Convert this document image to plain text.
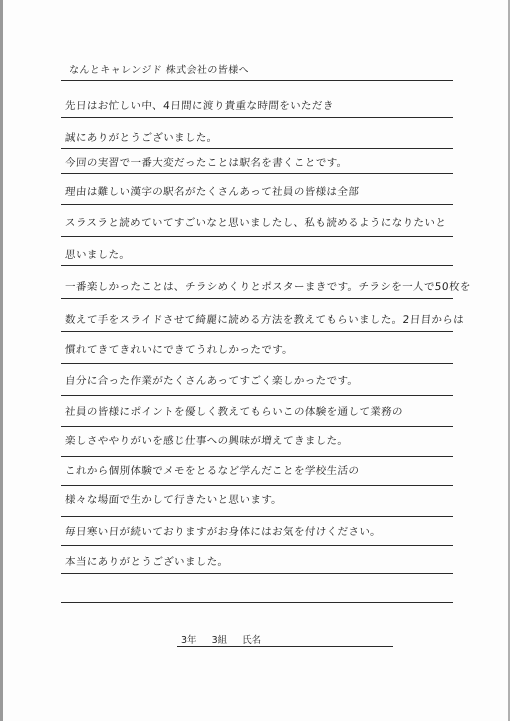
なんとキャレンジド 株式会社の皆様へ
先日はお忙しい中、4日間に渡り貴重な時間をいただき
誠にありがとうございました。
今回の実習で一番大変だったことは駅名を書くことです。
理由は難しい漢字の駅名がたくさんあって社員の皆様は全部
スラスラと読めていてすごいなと思いましたし、私も読めるようになりたいと
思いました。
一番楽しかったことは、チラシめくりとポスターまきです。チラシを一人で50枚を
数えて手をスライドさせて綺麗に読める方法を教えてもらいました。2日目からは
慣れてきてきれいにできてうれしかったです。
自分に合った作業がたくさんあってすごく楽しかったです。
社員の皆様にポイントを優しく教えてもらいこの体験を通して業務の
楽しさややりがいを感じ仕事への興味が増えてきました。
これから個別体験でメモをとるなど学んだことを学校生活の
様々な場面で生かして行きたいと思います。
毎日寒い日が続いておりますがお身体にはお気を付けください。
本当にありがとうございました。
3年 3組 氏名
